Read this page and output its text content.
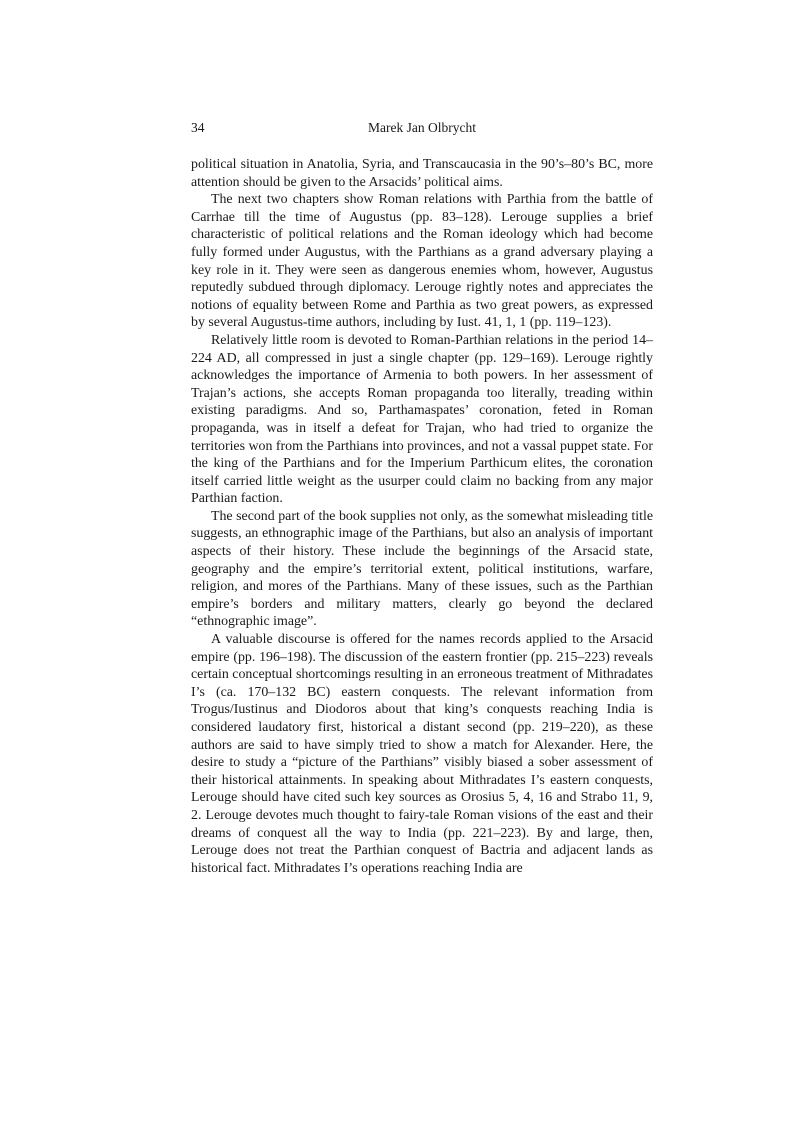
34	Marek Jan Olbrycht

political situation in Anatolia, Syria, and Transcaucasia in the 90’s–80’s BC, more attention should be given to the Arsacids’ political aims.

The next two chapters show Roman relations with Parthia from the battle of Carrhae till the time of Augustus (pp. 83–128). Lerouge supplies a brief characteristic of political relations and the Roman ideology which had become fully formed under Augustus, with the Parthians as a grand adversary playing a key role in it. They were seen as dangerous enemies whom, however, Augustus reputedly subdued through diplomacy. Lerouge rightly notes and appreciates the notions of equality between Rome and Parthia as two great powers, as expressed by several Augustus-time authors, including by Iust. 41, 1, 1 (pp. 119–123).

Relatively little room is devoted to Roman-Parthian relations in the period 14–224 AD, all compressed in just a single chapter (pp. 129–169). Lerouge rightly acknowledges the importance of Armenia to both powers. In her assessment of Trajan’s actions, she accepts Roman propaganda too literally, treading within existing paradigms. And so, Parthamaspates’ coronation, feted in Roman propaganda, was in itself a defeat for Trajan, who had tried to organize the territories won from the Parthians into provinces, and not a vassal puppet state. For the king of the Parthians and for the Imperium Parthicum elites, the coronation itself carried little weight as the usurper could claim no backing from any major Parthian faction.

The second part of the book supplies not only, as the somewhat misleading title suggests, an ethnographic image of the Parthians, but also an analysis of important aspects of their history. These include the beginnings of the Arsacid state, geography and the empire’s territorial extent, political institutions, warfare, religion, and mores of the Parthians. Many of these issues, such as the Parthian empire’s borders and military matters, clearly go beyond the declared “ethnographic image”.

A valuable discourse is offered for the names records applied to the Arsacid empire (pp. 196–198). The discussion of the eastern frontier (pp. 215–223) reveals certain conceptual shortcomings resulting in an erroneous treatment of Mithradates I’s (ca. 170–132 BC) eastern conquests. The relevant information from Trogus/Iustinus and Diodoros about that king’s conquests reaching India is considered laudatory first, historical a distant second (pp. 219–220), as these authors are said to have simply tried to show a match for Alexander. Here, the desire to study a “picture of the Parthians” visibly biased a sober assessment of their historical attainments. In speaking about Mithradates I’s eastern conquests, Lerouge should have cited such key sources as Orosius 5, 4, 16 and Strabo 11, 9, 2. Lerouge devotes much thought to fairy-tale Roman visions of the east and their dreams of conquest all the way to India (pp. 221–223). By and large, then, Lerouge does not treat the Parthian conquest of Bactria and adjacent lands as historical fact. Mithradates I’s operations reaching India are
